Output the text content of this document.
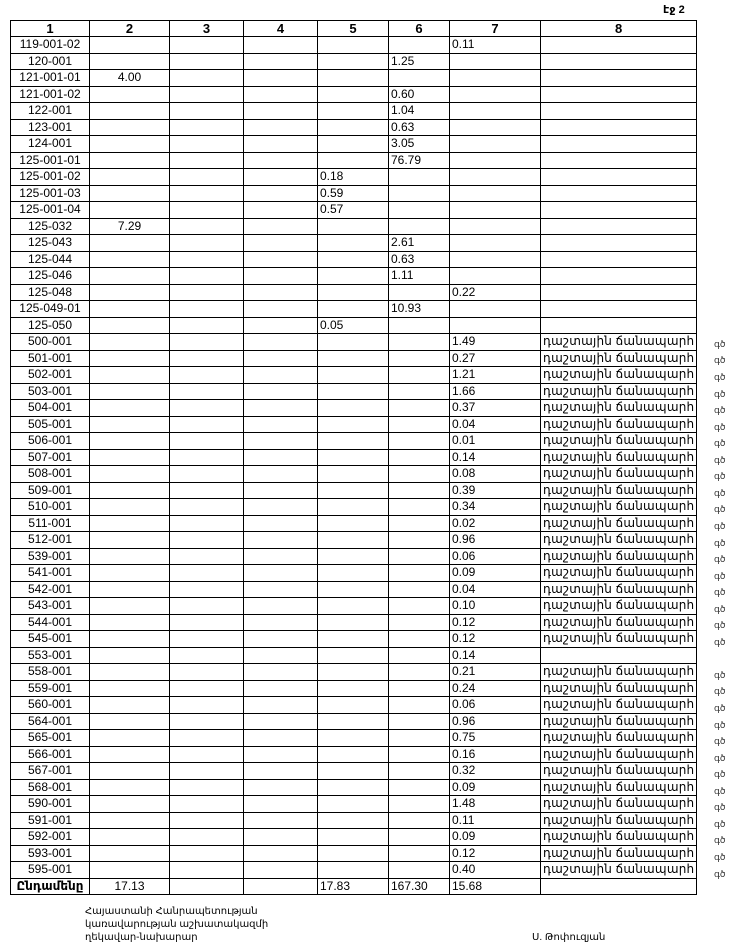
էջ 2
1	2	3	4	5	6	7	8
119-001-02						0.11	
120-001					1.25		
121-001-01	4.00						
121-001-02					0.60		
122-001					1.04		
123-001					0.63		
124-001					3.05		
125-001-01					76.79		
125-001-02				0.18			
125-001-03				0.59			
125-001-04				0.57			
125-032	7.29						
125-043					2.61		
125-044					0.63		
125-046					1.11		
125-048						0.22	
125-049-01					10.93		
125-050				0.05			
500-001						1.49	դաշտային ճանապարհ
501-001						0.27	դաշտային ճանապարհ
502-001						1.21	դաշտային ճանապարհ
503-001						1.66	դաշտային ճանապարհ
504-001						0.37	դաշտային ճանապարհ
505-001						0.04	դաշտային ճանապարհ
506-001						0.01	դաշտային ճանապարհ
507-001						0.14	դաշտային ճանապարհ
508-001						0.08	դաշտային ճանապարհ
509-001						0.39	դաշտային ճանապարհ
510-001						0.34	դաշտային ճանապարհ
511-001						0.02	դաշտային ճանապարհ
512-001						0.96	դաշտային ճանապարհ
539-001						0.06	դաշտային ճանապարհ
541-001						0.09	դաշտային ճանապարհ
542-001						0.04	դաշտային ճանապարհ
543-001						0.10	դաշտային ճանապարհ
544-001						0.12	դաշտային ճանապարհ
545-001						0.12	դաշտային ճանապարհ
553-001						0.14	
558-001						0.21	դաշտային ճանապարհ
559-001						0.24	դաշտային ճանապարհ
560-001						0.06	դաշտային ճանապարհ
564-001						0.96	դաշտային ճանապարհ
565-001						0.75	դաշտային ճանապարհ
566-001						0.16	դաշտային ճանապարհ
567-001						0.32	դաշտային ճանապարհ
568-001						0.09	դաշտային ճանապարհ
590-001						1.48	դաշտային ճանապարհ
591-001						0.11	դաշտային ճանապարհ
592-001						0.09	դաշտային ճանապարհ
593-001						0.12	դաշտային ճանապարհ
595-001						0.40	դաշտային ճանապարհ
Ընդամենը	17.13			17.83	167.30	15.68	
գծ
գծ
գծ
գծ
գծ
գծ
գծ
գծ
գծ
գծ
գծ
գծ
գծ
գծ
գծ
գծ
գծ
գծ
գծ
գծ
գծ
գծ
գծ
գծ
գծ
գծ
գծ
գծ
գծ
գծ
գծ
գծ
Հայաստանի Հանրապետության
կառավարության աշխատակազմի
ղեկավար-նախարար	Ս. Թոփուզյան
